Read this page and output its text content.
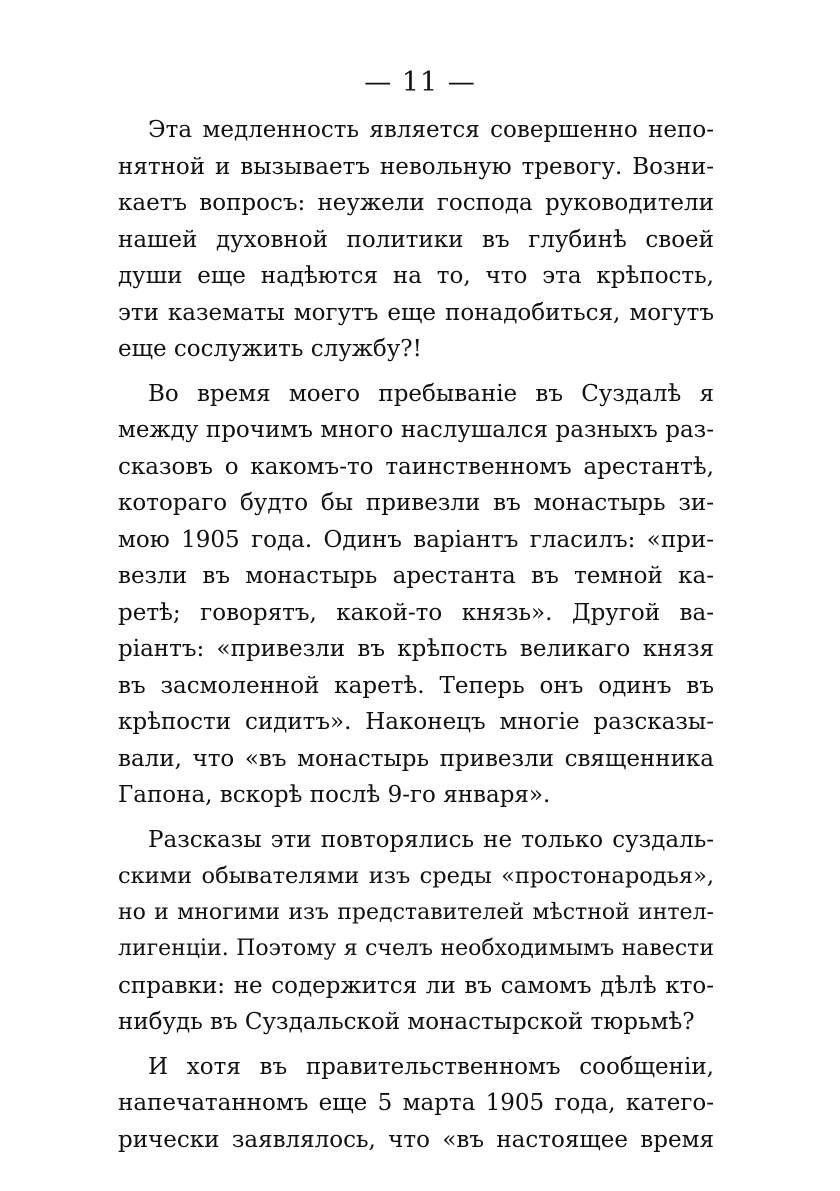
— 11 —
Эта медленность является совершенно непо-
нятной и вызываетъ невольную тревогу. Возни-
каетъ вопросъ: неужели господа руководители
нашей духовной политики въ глубинѣ своей
души еще надѣются на то, что эта крѣпость,
эти казематы могутъ еще понадобиться, могутъ
еще сослужить службу?!
Во время моего пребываніе въ Суздалѣ я
между прочимъ много наслушался разныхъ раз-
сказовъ о какомъ-то таинственномъ арестантѣ,
котораго будто бы привезли въ монастырь зи-
мою 1905 года. Одинъ варіантъ гласилъ: «при-
везли въ монастырь арестанта въ темной ка-
ретѣ; говорятъ, какой-то князь». Другой ва-
ріантъ: «привезли въ крѣпость великаго князя
въ засмоленной каретѣ. Теперь онъ одинъ въ
крѣпости сидитъ». Наконецъ многіе разсказы-
вали, что «въ монастырь привезли священника
Гапона, вскорѣ послѣ 9-го января».
Разсказы эти повторялись не только суздаль-
скими обывателями изъ среды «простонародья»,
но и многими изъ представителей мѣстной интел-
лигенціи. Поэтому я счелъ необходимымъ навести
справки: не содержится ли въ самомъ дѣлѣ кто-
нибудь въ Суздальской монастырской тюрьмѣ?
И хотя въ правительственномъ сообщеніи,
напечатанномъ еще 5 марта 1905 года, катего-
рически заявлялось, что «въ настоящее время
